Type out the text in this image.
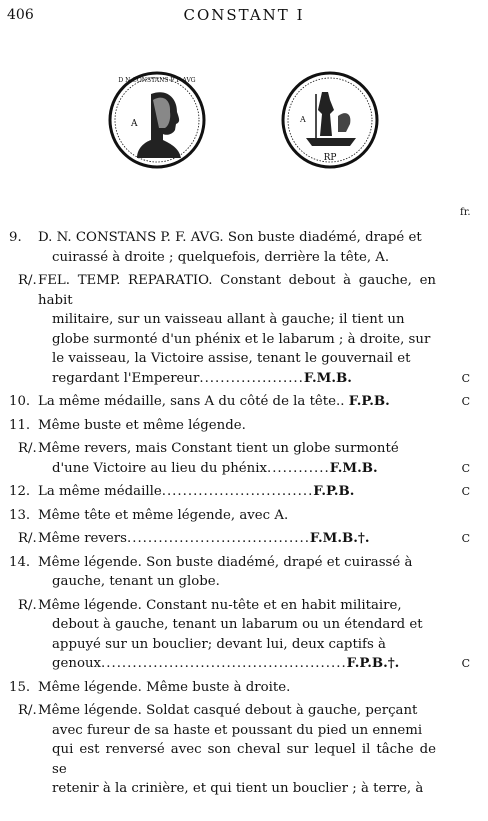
406	CONSTANT I
D N CONSTANS P F AVG
A
RP
A
fr.
9.	D. N. CONSTANS P. F. AVG. Son buste diadémé, drapé et
cuirassé à droite ; quelquefois, derrière la tête, A.
R/. FEL. TEMP. REPARATIO. Constant debout à gauche, en habit
militaire, sur un vaisseau allant à gauche; il tient un
globe surmonté d'un phénix et le labarum ; à droite, sur
le vaisseau, la Victoire assise, tenant le gouvernail et
regardant l'Empereur....................F.M.B.	C
10. La même médaille, sans A du côté de la tête.. F.P.B.	C
11. Même buste et même légende.
R/. Même revers, mais Constant tient un globe surmonté
d'une Victoire au lieu du phénix............F.M.B.	C
12. La même médaille.............................F.P.B.	C
13. Même tête et même légende, avec A.
R/. Même revers...................................F.M.B.†.	C
14. Même légende. Son buste diadémé, drapé et cuirassé à
gauche, tenant un globe.
R/. Même légende. Constant nu-tête et en habit militaire,
debout à gauche, tenant un labarum ou un étendard et
appuyé sur un bouclier; devant lui, deux captifs à
genoux...............................................F.P.B.†.	C
15. Même légende. Même buste à droite.
R/. Même légende. Soldat casqué debout à gauche, perçant
avec fureur de sa haste et poussant du pied un ennemi
qui est renversé avec son cheval sur lequel il tâche de se
retenir à la crinière, et qui tient un bouclier ; à terre, à
